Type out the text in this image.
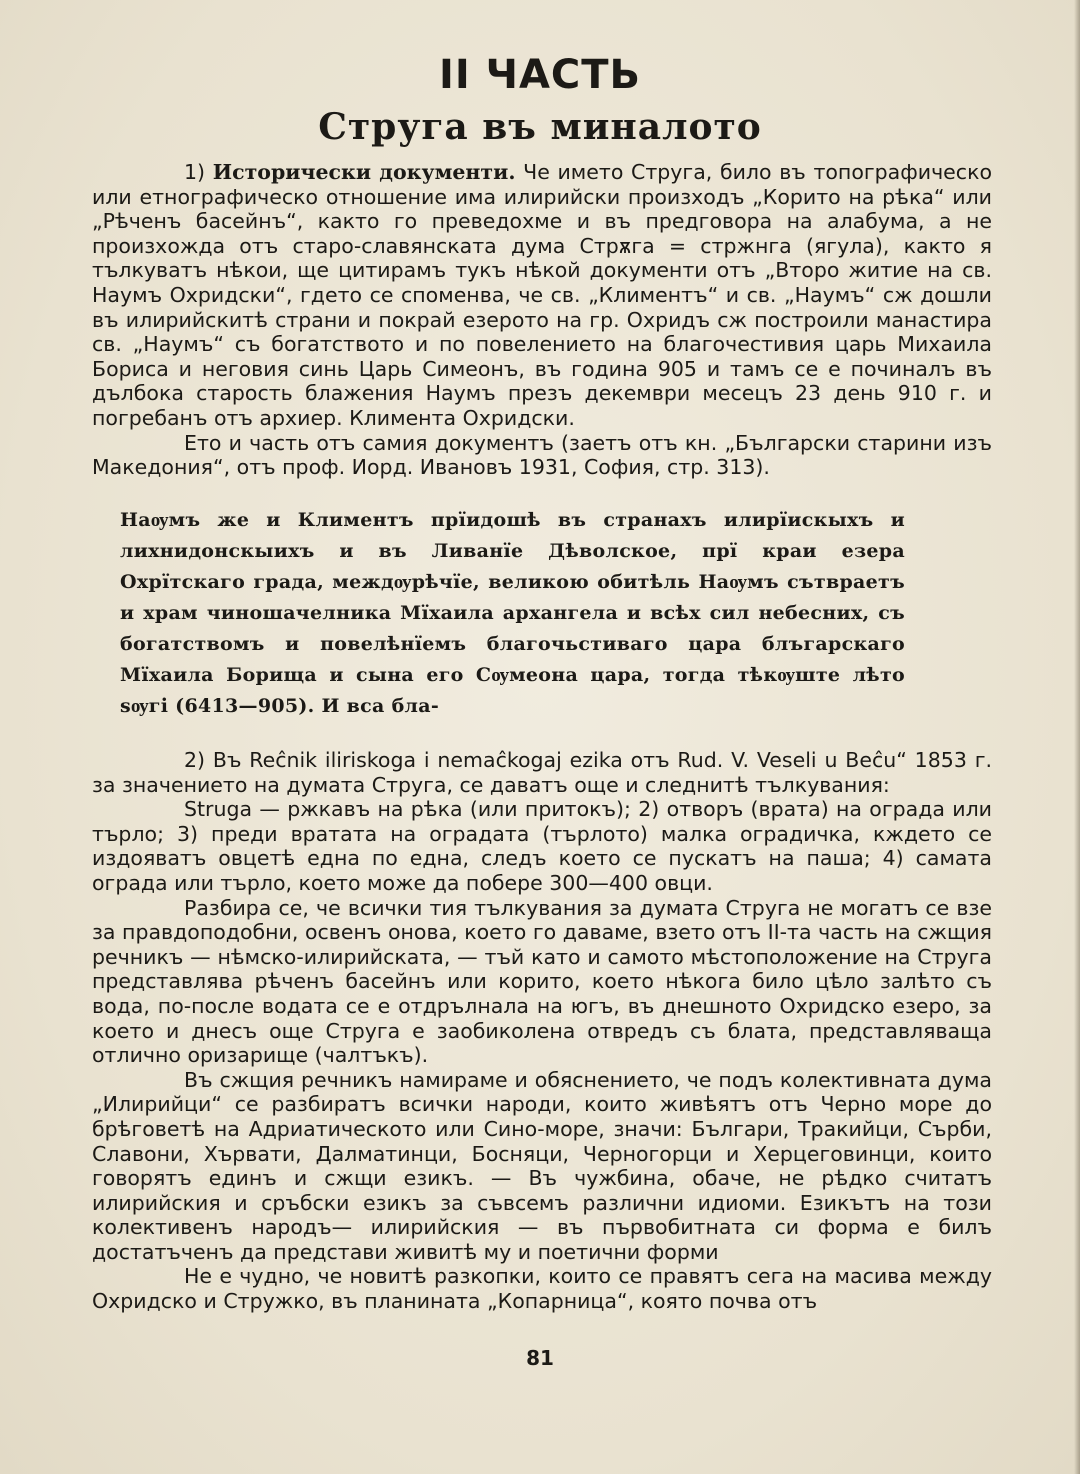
II ЧАСТЬ
Струга въ миналото

1) Исторически документи. Че името Струга, било въ топографическо или етнографическо отношение има илирийски произходъ „Корито на рѣка“ или „Рѣченъ басейнъ“, както го преведохме и въ предговора на алабума, а не произхожда отъ старо-славянската дума Стрѫга = стржнга (ягула), както я тълкуватъ нѣкои, ще цитирамъ тукъ нѣкой документи отъ „Второ житие на св. Наумъ Охридски“, гдето се споменва, че св. „Климентъ“ и св. „Наумъ“ сж дошли въ илирийскитѣ страни и покрай езерото на гр. Охридъ сж построили манастира св. „Наумъ“ съ богатството и по повелението на благочестивия царь Михаила Бориса и неговия синь Царь Симеонъ, въ година 905 и тамъ се е починалъ въ дълбока старость блажения Наумъ презъ декември месецъ 23 день 910 г. и погребанъ отъ архиер. Климента Охридски.

Ето и часть отъ самия документъ (заетъ отъ кн. „Български старини изъ Македония“, отъ проф. Иорд. Ивановъ 1931, София, стр. 313).

Наѹмъ же и Климентъ прїидошѣ въ странахъ илирїискыхъ и лихнидонскыихъ и въ Ливанїе Дѣволское, прї краи езера Охрїтскаго града, междѹрѣчїе, великою обитѣль Наѹмъ сътвраетъ и храм чиношачелника Мїхаила архангела и всѣх сил небесних, съ богатствомъ и повелѣнїемъ благочьстиваго цара блъгарскаго Мїхаила Борища и сына его Сѹмеона цара, тогда тѣкѹште лѣто ѕѹгі (6413—905). И вса бла-

2) Въ Reĉnik iliriskoga i nemaĉkogaj ezika отъ Rud. V. Veseli u Beĉu“ 1853 г. за значението на думата Струга, се даватъ още и следнитѣ тълкувания:

Struga — ржкавъ на рѣка (или притокъ); 2) отворъ (врата) на ограда или търло; 3) преди вратата на оградата (търлото) малка оградичка, кждето се издояватъ овцетѣ една по една, следъ което се пускатъ на паша; 4) самата ограда или търло, което може да побере 300—400 овци.

Разбира се, че всички тия тълкувания за думата Струга не могатъ се взе за правдоподобни, освенъ онова, което го даваме, взето отъ II-та часть на сжщия речникъ — нѣмско-илирийската, — тъй като и самото мѣстоположение на Струга представлява рѣченъ басейнъ или корито, което нѣкога било цѣло залѣто съ вода, по-после водата се е отдрълнала на югъ, въ днешното Охридско езеро, за което и днесъ още Струга е заобиколена отвредъ съ блата, представляваща отлично оризарище (чалтъкъ).

Въ сжщия речникъ намираме и обяснението, че подъ колективната дума „Илирийци“ се разбиратъ всички народи, които живѣятъ отъ Черно море до брѣговетѣ на Адриатическото или Сино-море, значи: Българи, Тракийци, Сърби, Славони, Хървати, Далматинци, Босняци, Черногорци и Херцеговинци, които говорятъ единъ и сжщи езикъ. — Въ чужбина, обаче, не рѣдко считатъ илирийския и сръбски езикъ за съвсемъ различни идиоми. Езикътъ на този колективенъ народъ— илирийския — въ първобитната си форма е билъ достатъченъ да представи живитѣ му и поетични форми

Не е чудно, че новитѣ разкопки, които се правятъ сега на масива между Охридско и Стружко, въ планината „Копарница“, която почва отъ

81
